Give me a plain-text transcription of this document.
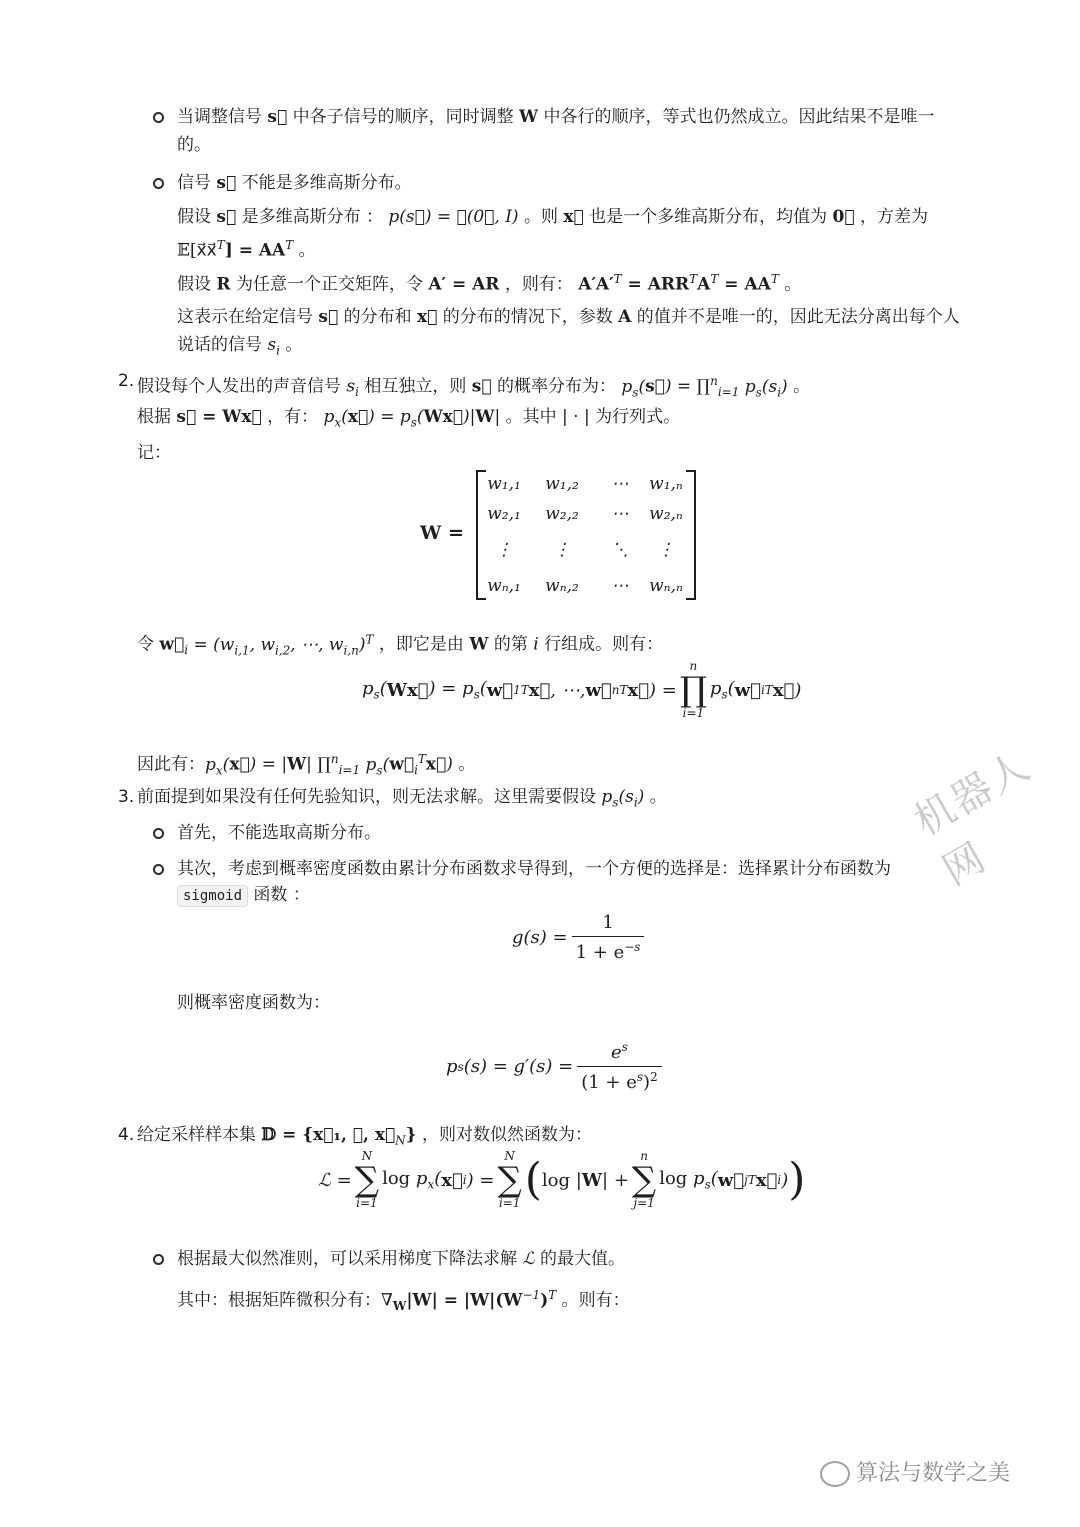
当调整信号 s⃗ 中各子信号的顺序，同时调整 W 中各行的顺序，等式也仍然成立。因此结果不是唯一
的。
信号 s⃗ 不能是多维高斯分布。
假设 s⃗ 是多维高斯分布 ： p(s⃗) = 𝒩(0⃗, I) 。则 x⃗ 也是一个多维高斯分布，均值为 0⃗ ，方差为
𝔼[x⃗x⃗$^T$] = $AA^T$ 。
假设 R 为任意一个正交矩阵，令 A′ = AR ，则有： $A'A'^T = ARR^TA^T = AA^T$ 。
这表示在给定信号 s⃗ 的分布和 x⃗ 的分布的情况下，参数 A 的值并不是唯一的，因此无法分离出每个人
说话的信号 $s_i$ 。
2. 假设每个人发出的声音信号 $s_i$ 相互独立，则 s⃗ 的概率分布为： $p_s(s⃗)$ = ∏$^n_{i=1}$ $p_s(s_i)$ 。
根据 s⃗ = Wx⃗ ，有： $p_x(x⃗)$ = $p_s(Wx⃗)|W|$ 。其中 | · | 为行列式。
记：
W =
w₁,₁	w₁,₂	⋯	w₁,ₙ
w₂,₁	w₂,₂	⋯	w₂,ₙ
⋮	⋮	⋱	⋮
wₙ,₁	wₙ,₂	⋯	wₙ,ₙ
令 $w⃗_i = (w_{i,1}$, $w_{i,2}$, ⋯, $w_{i,n})^T$ ，即它是由 W 的第 i 行组成。则有：
$p_s$( Wx⃗ ) = $p_s$( w⃗ 1 T x⃗ , ⋯, w⃗ n T x⃗ ) =
n
∏
i=1
$p_s$( w⃗ i T x⃗ )
因此有：$p_x(x⃗) = |W|$ ∏$^n_{i=1}$ $p_s(w⃗_i^Tx⃗)$ 。
3. 前面提到如果没有任何先验知识，则无法求解。这里需要假设 $p_s(s_i)$ 。
首先，不能选取高斯分布。
其次，考虑到概率密度函数由累计分布函数求导得到，一个方便的选择是：选择累计分布函数为
sigmoid 函数 ：
$g(s) = \frac{1}{1 + e^{-s}}$
则概率密度函数为：
p s $(s) = g'(s) = \frac{e^s}{(1 + e^s)^2}$
4. 给定采样样本集 𝔻 = {x⃗₁, ⋯, $x⃗_N$} ，则对数似然函数为：
ℒ =
N
∑
i=1
$\log p_x$( x⃗ i ) =
N
∑
i=1 ( log | W | +
n
∑
j=1
$\log p_s$( w⃗ j T x⃗ i ) )
根据最大似然准则，可以采用梯度下降法求解 ℒ 的最大值。
其中：根据矩阵微积分有：$\nabla_W|W| = |W|(W^{-1})^T$ 。则有：
机器人网
算法与数学之美
